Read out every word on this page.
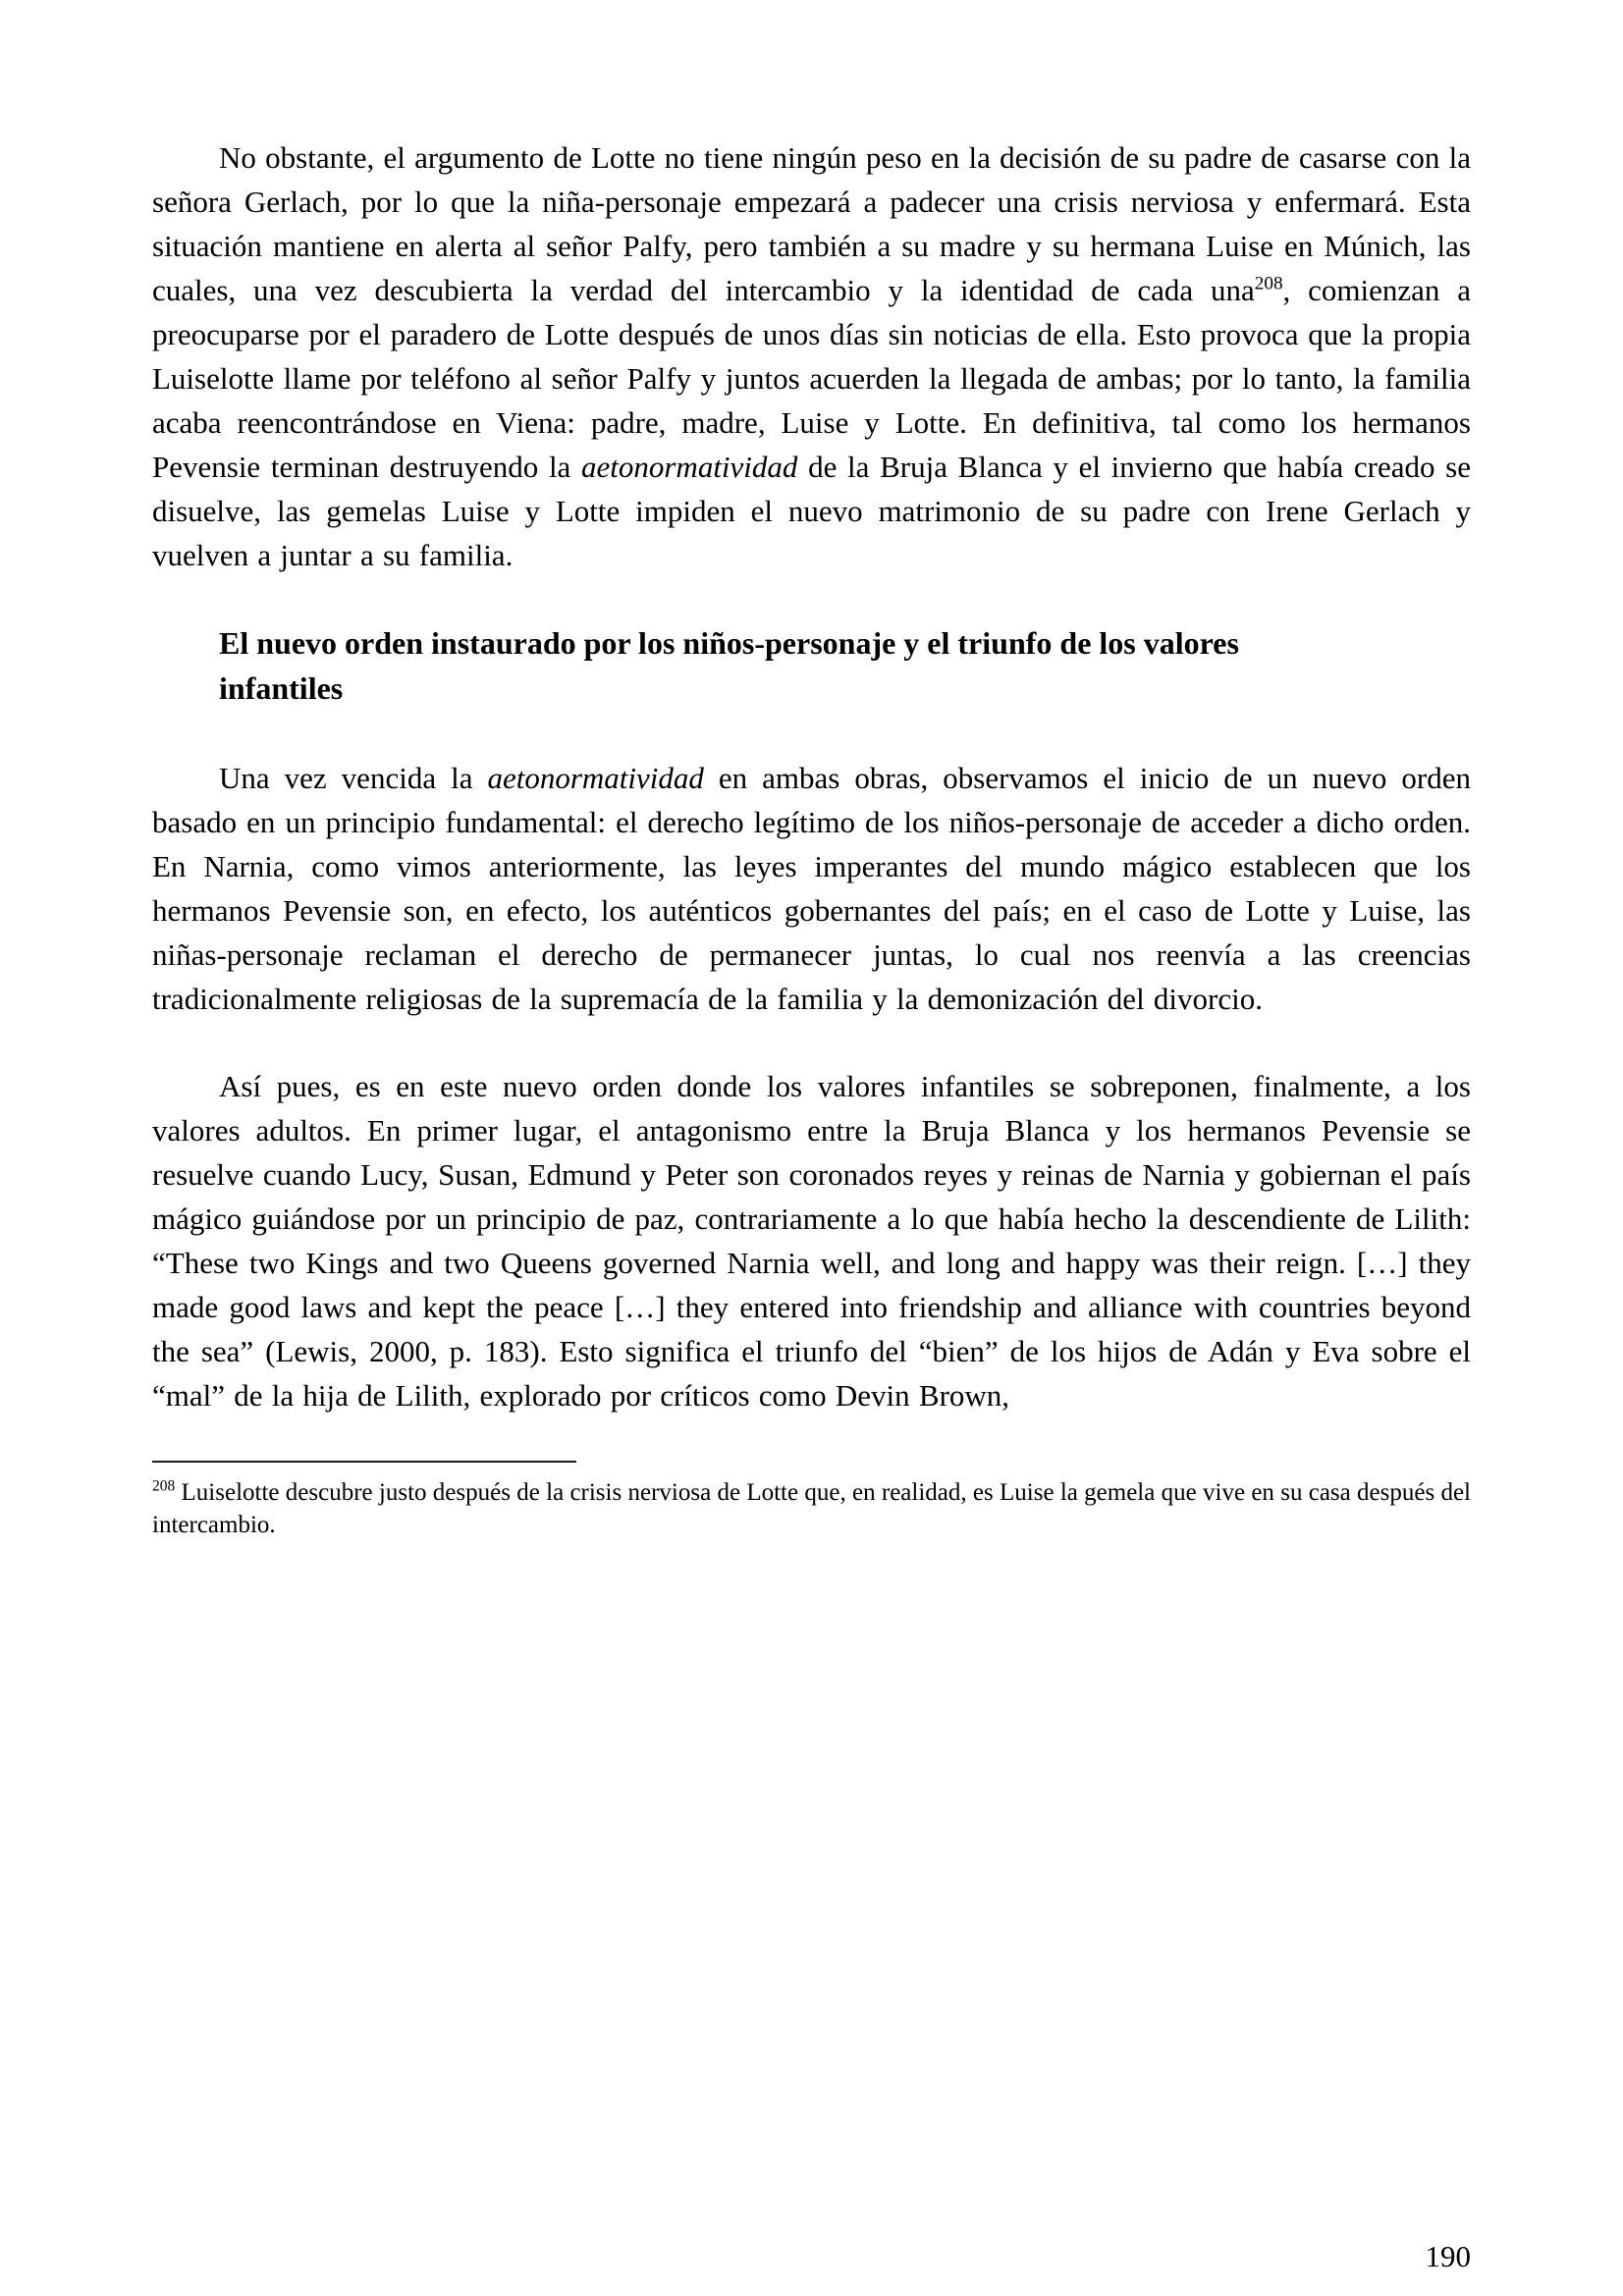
No obstante, el argumento de Lotte no tiene ningún peso en la decisión de su padre de casarse con la señora Gerlach, por lo que la niña-personaje empezará a padecer una crisis nerviosa y enfermará. Esta situación mantiene en alerta al señor Palfy, pero también a su madre y su hermana Luise en Múnich, las cuales, una vez descubierta la verdad del intercambio y la identidad de cada una$^{208}$, comienzan a preocuparse por el paradero de Lotte después de unos días sin noticias de ella. Esto provoca que la propia Luiselotte llame por teléfono al señor Palfy y juntos acuerden la llegada de ambas; por lo tanto, la familia acaba reencontrándose en Viena: padre, madre, Luise y Lotte. En definitiva, tal como los hermanos Pevensie terminan destruyendo la aetonormatividad de la Bruja Blanca y el invierno que había creado se disuelve, las gemelas Luise y Lotte impiden el nuevo matrimonio de su padre con Irene Gerlach y vuelven a juntar a su familia.

El nuevo orden instaurado por los niños-personaje y el triunfo de los valores infantiles

Una vez vencida la aetonormatividad en ambas obras, observamos el inicio de un nuevo orden basado en un principio fundamental: el derecho legítimo de los niños-personaje de acceder a dicho orden. En Narnia, como vimos anteriormente, las leyes imperantes del mundo mágico establecen que los hermanos Pevensie son, en efecto, los auténticos gobernantes del país; en el caso de Lotte y Luise, las niñas-personaje reclaman el derecho de permanecer juntas, lo cual nos reenvía a las creencias tradicionalmente religiosas de la supremacía de la familia y la demonización del divorcio.

Así pues, es en este nuevo orden donde los valores infantiles se sobreponen, finalmente, a los valores adultos. En primer lugar, el antagonismo entre la Bruja Blanca y los hermanos Pevensie se resuelve cuando Lucy, Susan, Edmund y Peter son coronados reyes y reinas de Narnia y gobiernan el país mágico guiándose por un principio de paz, contrariamente a lo que había hecho la descendiente de Lilith: “These two Kings and two Queens governed Narnia well, and long and happy was their reign. […] they made good laws and kept the peace […] they entered into friendship and alliance with countries beyond the sea” (Lewis, 2000, p. 183). Esto significa el triunfo del “bien” de los hijos de Adán y Eva sobre el “mal” de la hija de Lilith, explorado por críticos como Devin Brown,

$^{208}$ Luiselotte descubre justo después de la crisis nerviosa de Lotte que, en realidad, es Luise la gemela que vive en su casa después del intercambio.

190
